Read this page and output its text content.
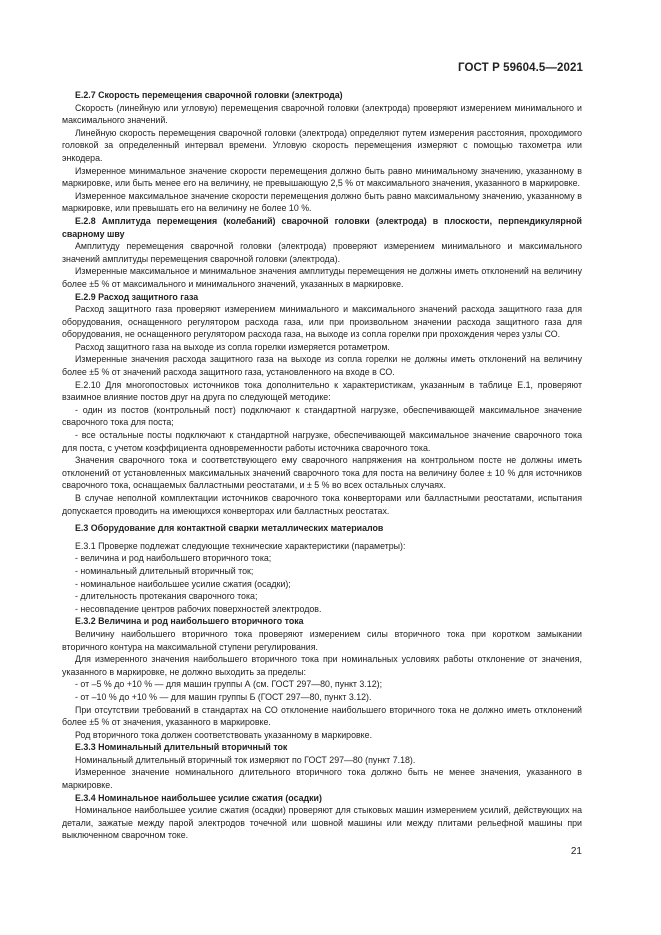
ГОСТ Р 59604.5—2021

Е.2.7 Скорость перемещения сварочной головки (электрода)

Скорость (линейную или угловую) перемещения сварочной головки (электрода) проверяют измерением минимального и максимального значений.

Линейную скорость перемещения сварочной головки (электрода) определяют путем измерения расстояния, проходимого головкой за определенный интервал времени. Угловую скорость перемещения измеряют с помощью тахометра или энкодера.

Измеренное минимальное значение скорости перемещения должно быть равно минимальному значению, указанному в маркировке, или быть менее его на величину, не превышающую 2,5 % от максимального значения, указанного в маркировке.

Измеренное максимальное значение скорости перемещения должно быть равно максимальному значению, указанному в маркировке, или превышать его на величину не более 10 %.

Е.2.8 Амплитуда перемещения (колебаний) сварочной головки (электрода) в плоскости, перпендикулярной сварному шву

Амплитуду перемещения сварочной головки (электрода) проверяют измерением минимального и максимального значений амплитуды перемещения сварочной головки (электрода).

Измеренные максимальное и минимальное значения амплитуды перемещения не должны иметь отклонений на величину более ±5 % от максимального и минимального значений, указанных в маркировке.

Е.2.9 Расход защитного газа

Расход защитного газа проверяют измерением минимального и максимального значений расхода защитного газа для оборудования, оснащенного регулятором расхода газа, или при произвольном значении расхода защитного газа для оборудования, не оснащенного регулятором расхода газа, на выходе из сопла горелки при прохождения через узлы СО.

Расход защитного газа на выходе из сопла горелки измеряется ротаметром.

Измеренные значения расхода защитного газа на выходе из сопла горелки не должны иметь отклонений на величину более ±5 % от значений расхода защитного газа, установленного на входе в СО.

Е.2.10 Для многопостовых источников тока дополнительно к характеристикам, указанным в таблице Е.1, проверяют взаимное влияние постов друг на друга по следующей методике:

- один из постов (контрольный пост) подключают к стандартной нагрузке, обеспечивающей максимальное значение сварочного тока для поста;

- все остальные посты подключают к стандартной нагрузке, обеспечивающей максимальное значение сварочного тока для поста, с учетом коэффициента одновременности работы источника сварочного тока.

Значения сварочного тока и соответствующего ему сварочного напряжения на контрольном посте не должны иметь отклонений от установленных максимальных значений сварочного тока для поста на величину более ± 10 % для источников сварочного тока, оснащаемых балластными реостатами, и ± 5 % во всех остальных случаях.

В случае неполной комплектации источников сварочного тока конверторами или балластными реостатами, испытания допускается проводить на имеющихся конверторах или балластных реостатах.

Е.3 Оборудование для контактной сварки металлических материалов

Е.3.1 Проверке подлежат следующие технические характеристики (параметры):

- величина и род наибольшего вторичного тока;

- номинальный длительный вторичный ток;

- номинальное наибольшее усилие сжатия (осадки);

- длительность протекания сварочного тока;

- несовпадение центров рабочих поверхностей электродов.

Е.3.2 Величина и род наибольшего вторичного тока

Величину наибольшего вторичного тока проверяют измерением силы вторичного тока при коротком замыкании вторичного контура на максимальной ступени регулирования.

Для измеренного значения наибольшего вторичного тока при номинальных условиях работы отклонение от значения, указанного в маркировке, не должно выходить за пределы:

- от –5 % до +10 % — для машин группы А (см. ГОСТ 297—80, пункт 3.12);

- от –10 % до +10 % — для машин группы Б (ГОСТ 297—80, пункт 3.12).

При отсутствии требований в стандартах на СО отклонение наибольшего вторичного тока не должно иметь отклонений более ±5 % от значения, указанного в маркировке.

Род вторичного тока должен соответствовать указанному в маркировке.

Е.3.3 Номинальный длительный вторичный ток

Номинальный длительный вторичный ток измеряют по ГОСТ 297—80 (пункт 7.18).

Измеренное значение номинального длительного вторичного тока должно быть не менее значения, указанного в маркировке.

Е.3.4 Номинальное наибольшее усилие сжатия (осадки)

Номинальное наибольшее усилие сжатия (осадки) проверяют для стыковых машин измерением усилий, действующих на детали, зажатые между парой электродов точечной или шовной машины или между плитами рельефной машины при выключенном сварочном токе.

21
